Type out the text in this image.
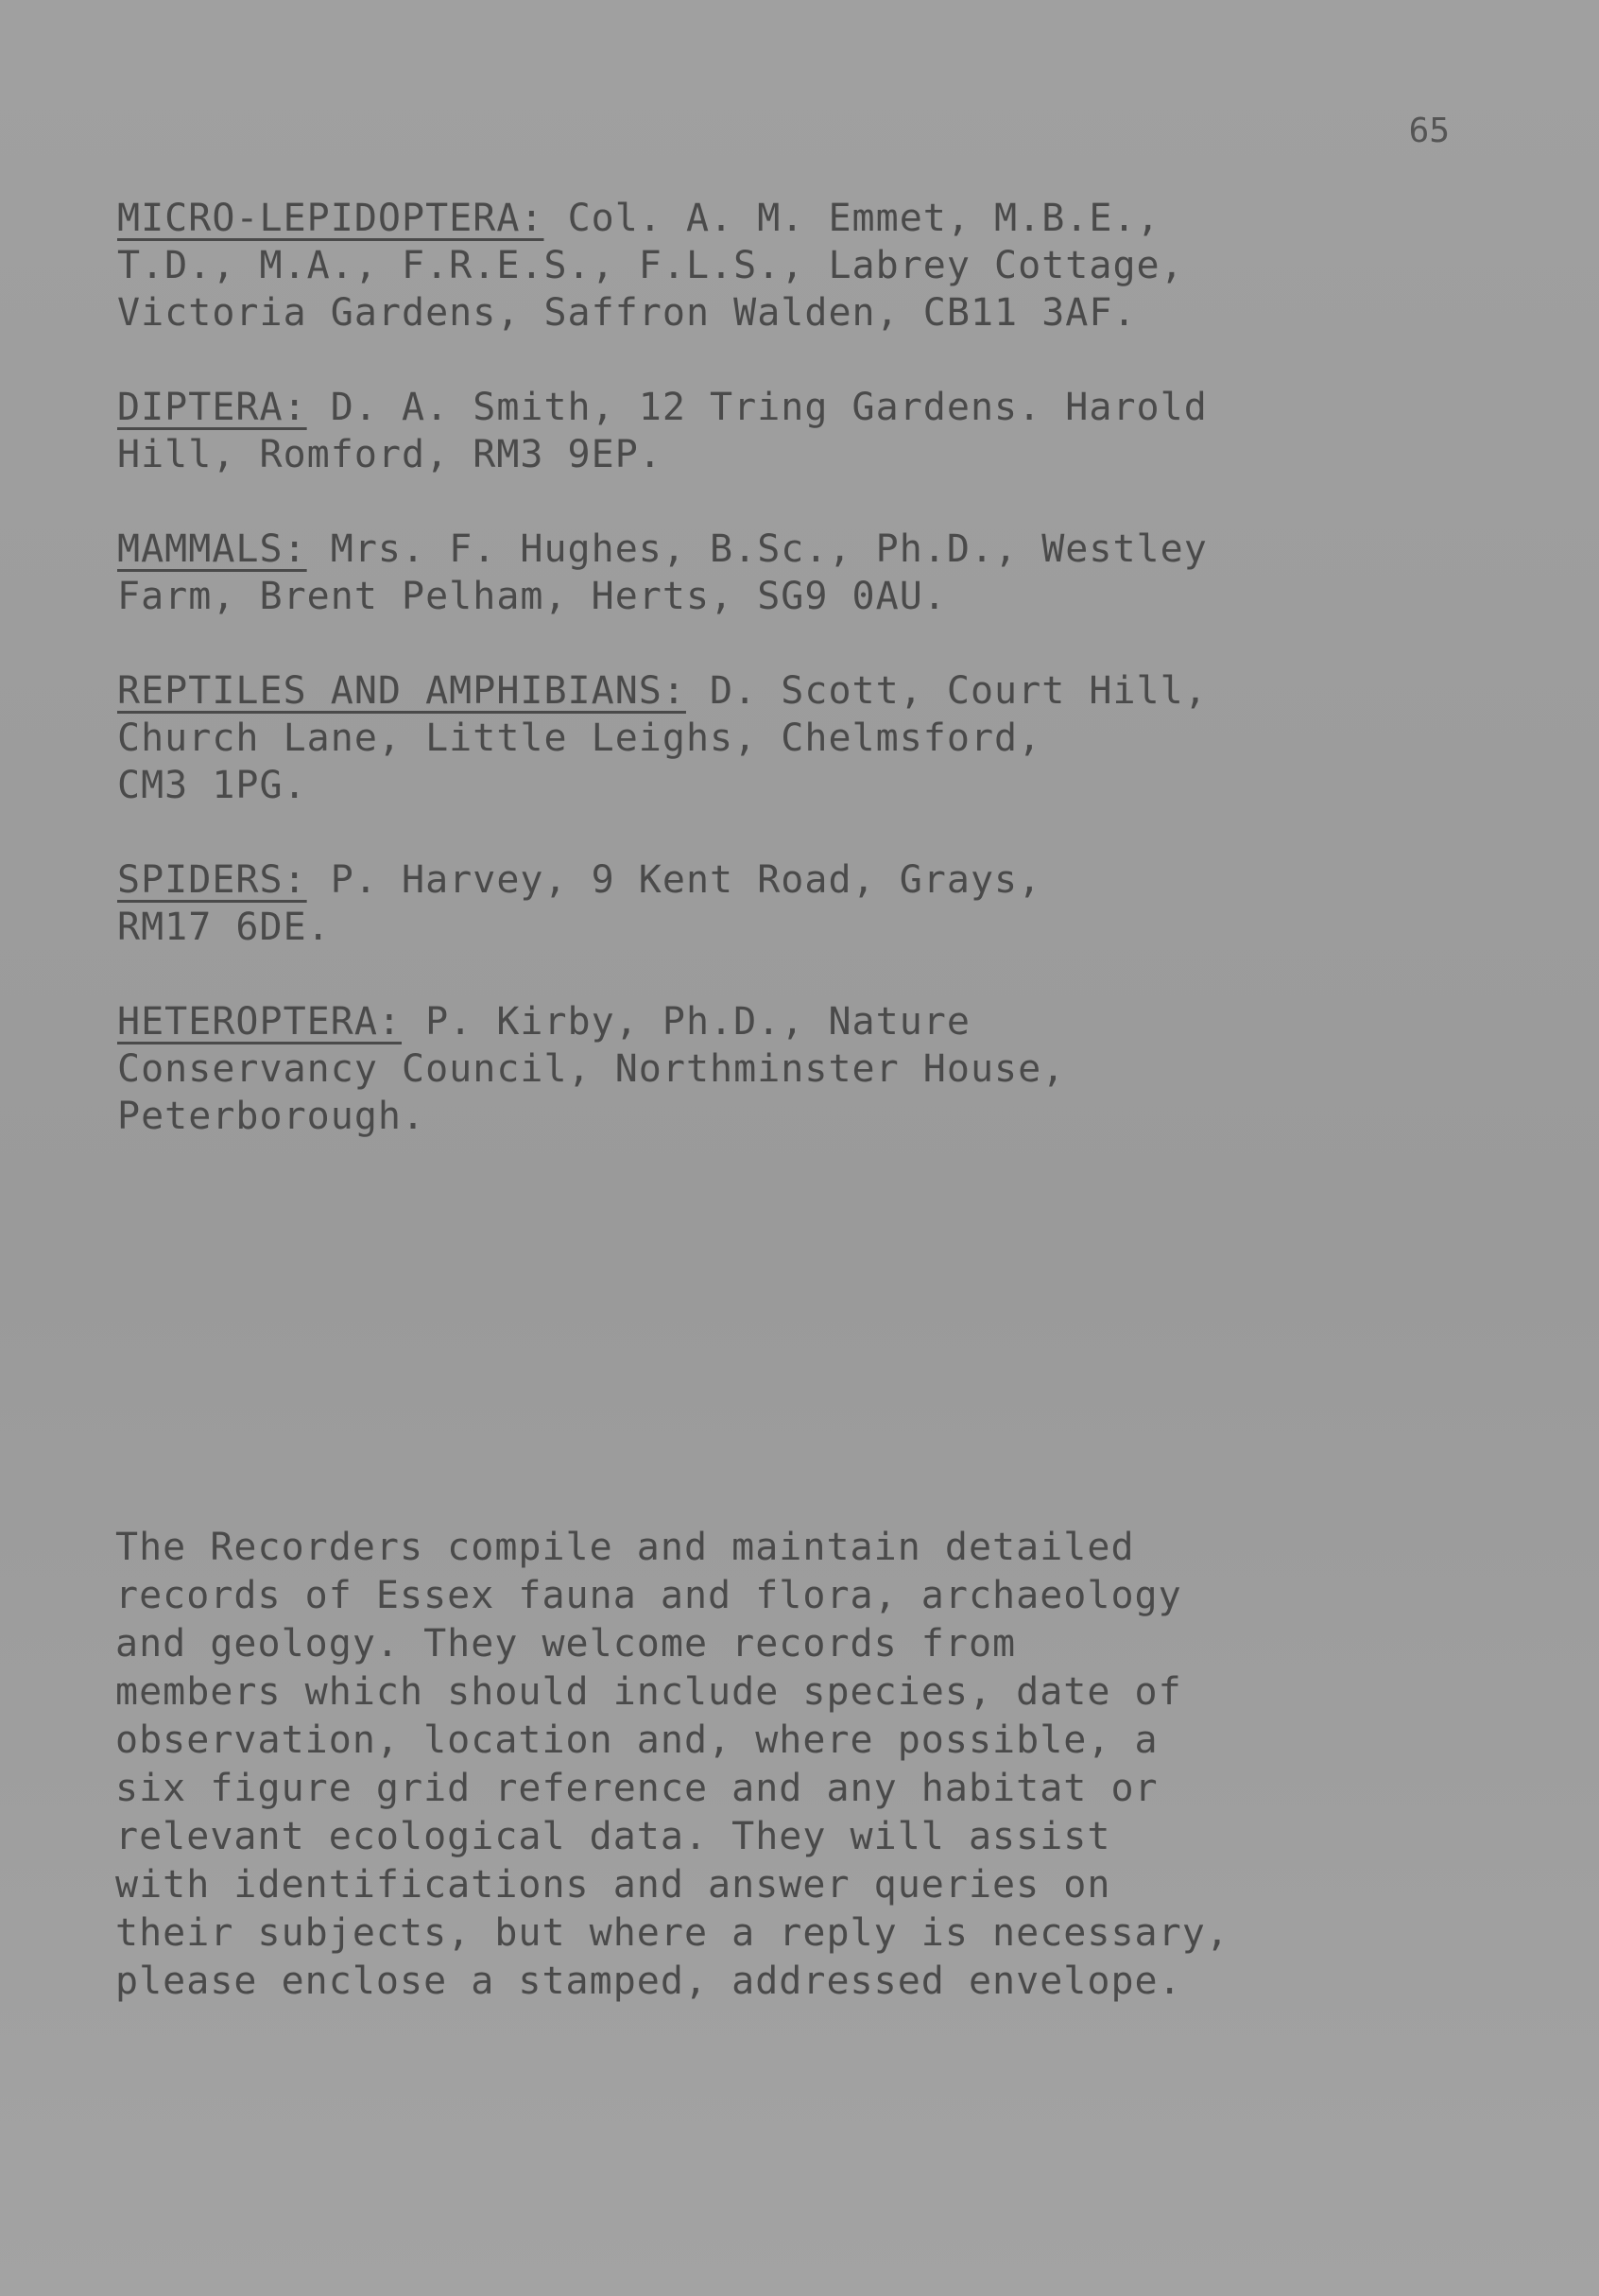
65
MICRO-LEPIDOPTERA: Col. A. M. Emmet, M.B.E.,
T.D., M.A., F.R.E.S., F.L.S., Labrey Cottage,
Victoria Gardens, Saffron Walden, CB11 3AF.
DIPTERA: D. A. Smith, 12 Tring Gardens. Harold
Hill, Romford, RM3 9EP.
MAMMALS: Mrs. F. Hughes, B.Sc., Ph.D., Westley
Farm, Brent Pelham, Herts, SG9 0AU.
REPTILES AND AMPHIBIANS: D. Scott, Court Hill,
Church Lane, Little Leighs, Chelmsford,
CM3 1PG.
SPIDERS: P. Harvey, 9 Kent Road, Grays,
RM17 6DE.
HETEROPTERA: P. Kirby, Ph.D., Nature
Conservancy Council, Northminster House,
Peterborough.
The Recorders compile and maintain detailed
records of Essex fauna and flora, archaeology
and geology. They welcome records from
members which should include species, date of
observation, location and, where possible, a
six figure grid reference and any habitat or
relevant ecological data. They will assist
with identifications and answer queries on
their subjects, but where a reply is necessary,
please enclose a stamped, addressed envelope.
